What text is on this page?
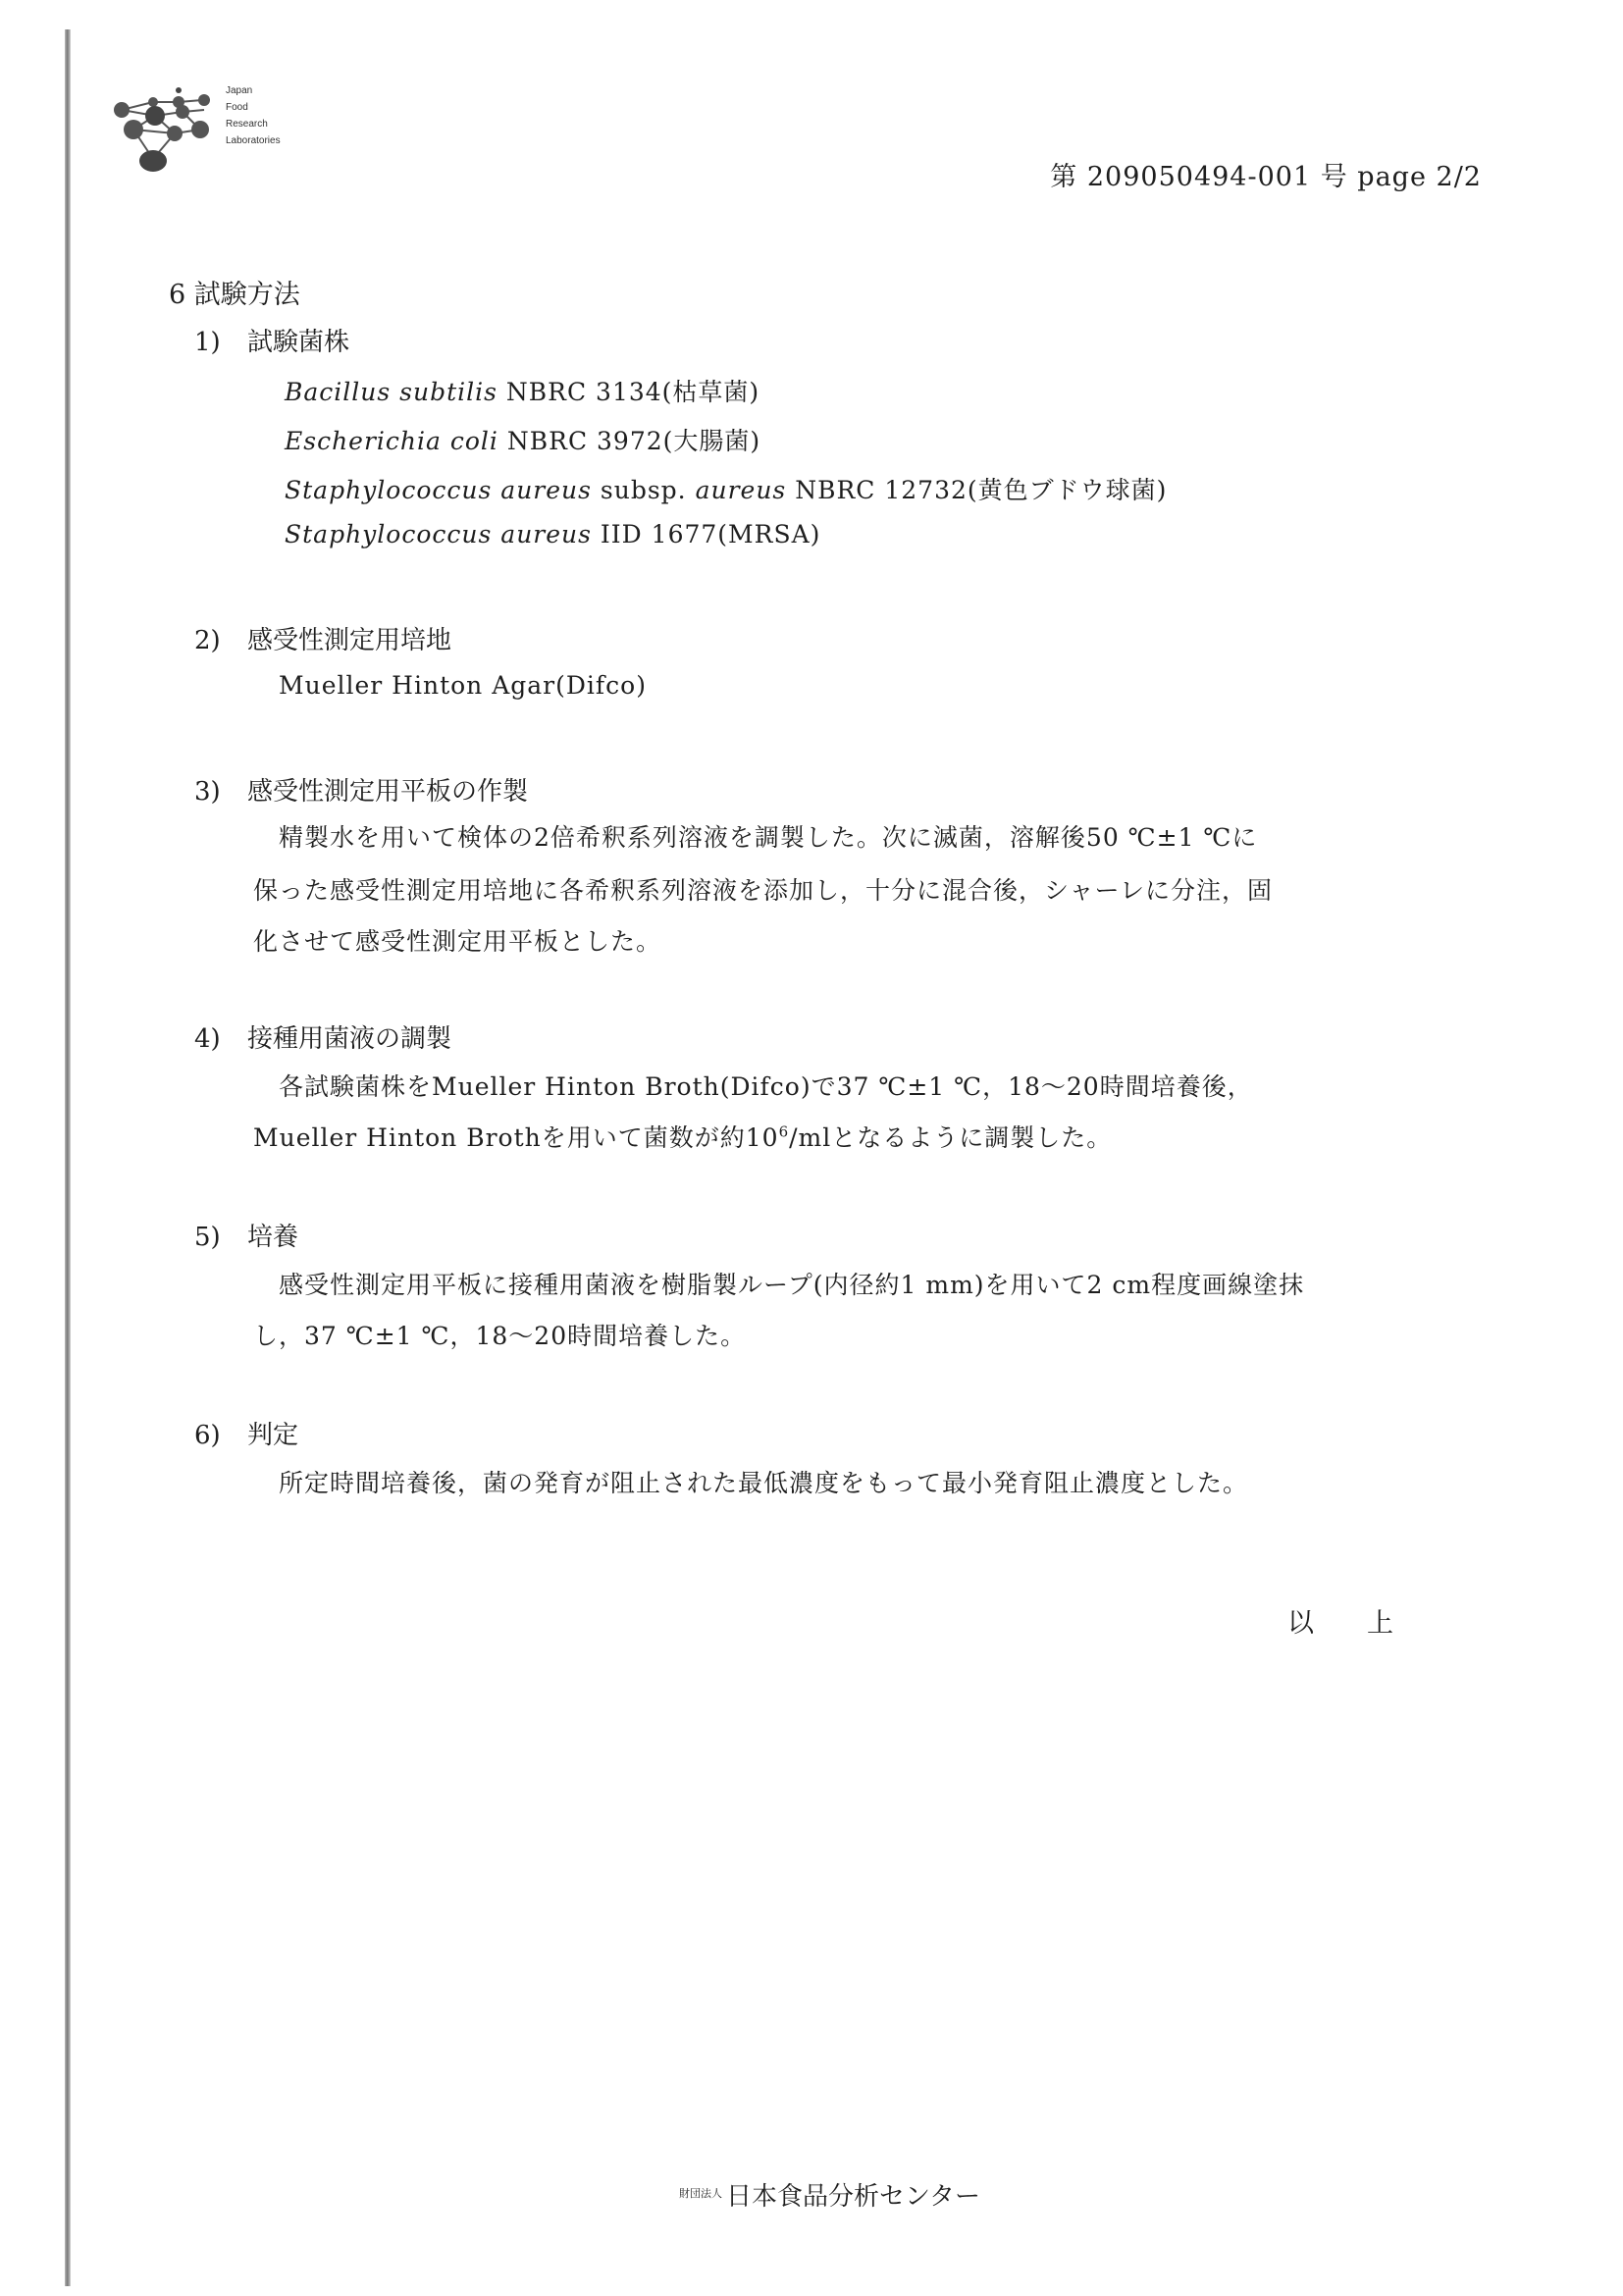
Japan
Food
Research
Laboratories
第 209050494-001 号 page 2/2
6 試験方法
1) 試験菌株
Bacillus subtilis NBRC 3134(枯草菌)
Escherichia coli NBRC 3972(大腸菌)
Staphylococcus aureus subsp. aureus NBRC 12732(黄色ブドウ球菌)
Staphylococcus aureus IID 1677(MRSA)
2) 感受性測定用培地
Mueller Hinton Agar(Difco)
3) 感受性測定用平板の作製
精製水を用いて検体の2倍希釈系列溶液を調製した。次に滅菌，溶解後50 ℃±1 ℃に
保った感受性測定用培地に各希釈系列溶液を添加し，十分に混合後，シャーレに分注，固
化させて感受性測定用平板とした。
4) 接種用菌液の調製
各試験菌株をMueller Hinton Broth(Difco)で37 ℃±1 ℃，18～20時間培養後，
Mueller Hinton Brothを用いて菌数が約$10^6/ml$となるように調製した。
5) 培養
感受性測定用平板に接種用菌液を樹脂製ループ(内径約1 mm)を用いて2 cm程度画線塗抹
し，37 ℃±1 ℃，18～20時間培養した。
6) 判定
所定時間培養後，菌の発育が阻止された最低濃度をもって最小発育阻止濃度とした。
以上
$^{財団法人}$ 日本食品分析センター
